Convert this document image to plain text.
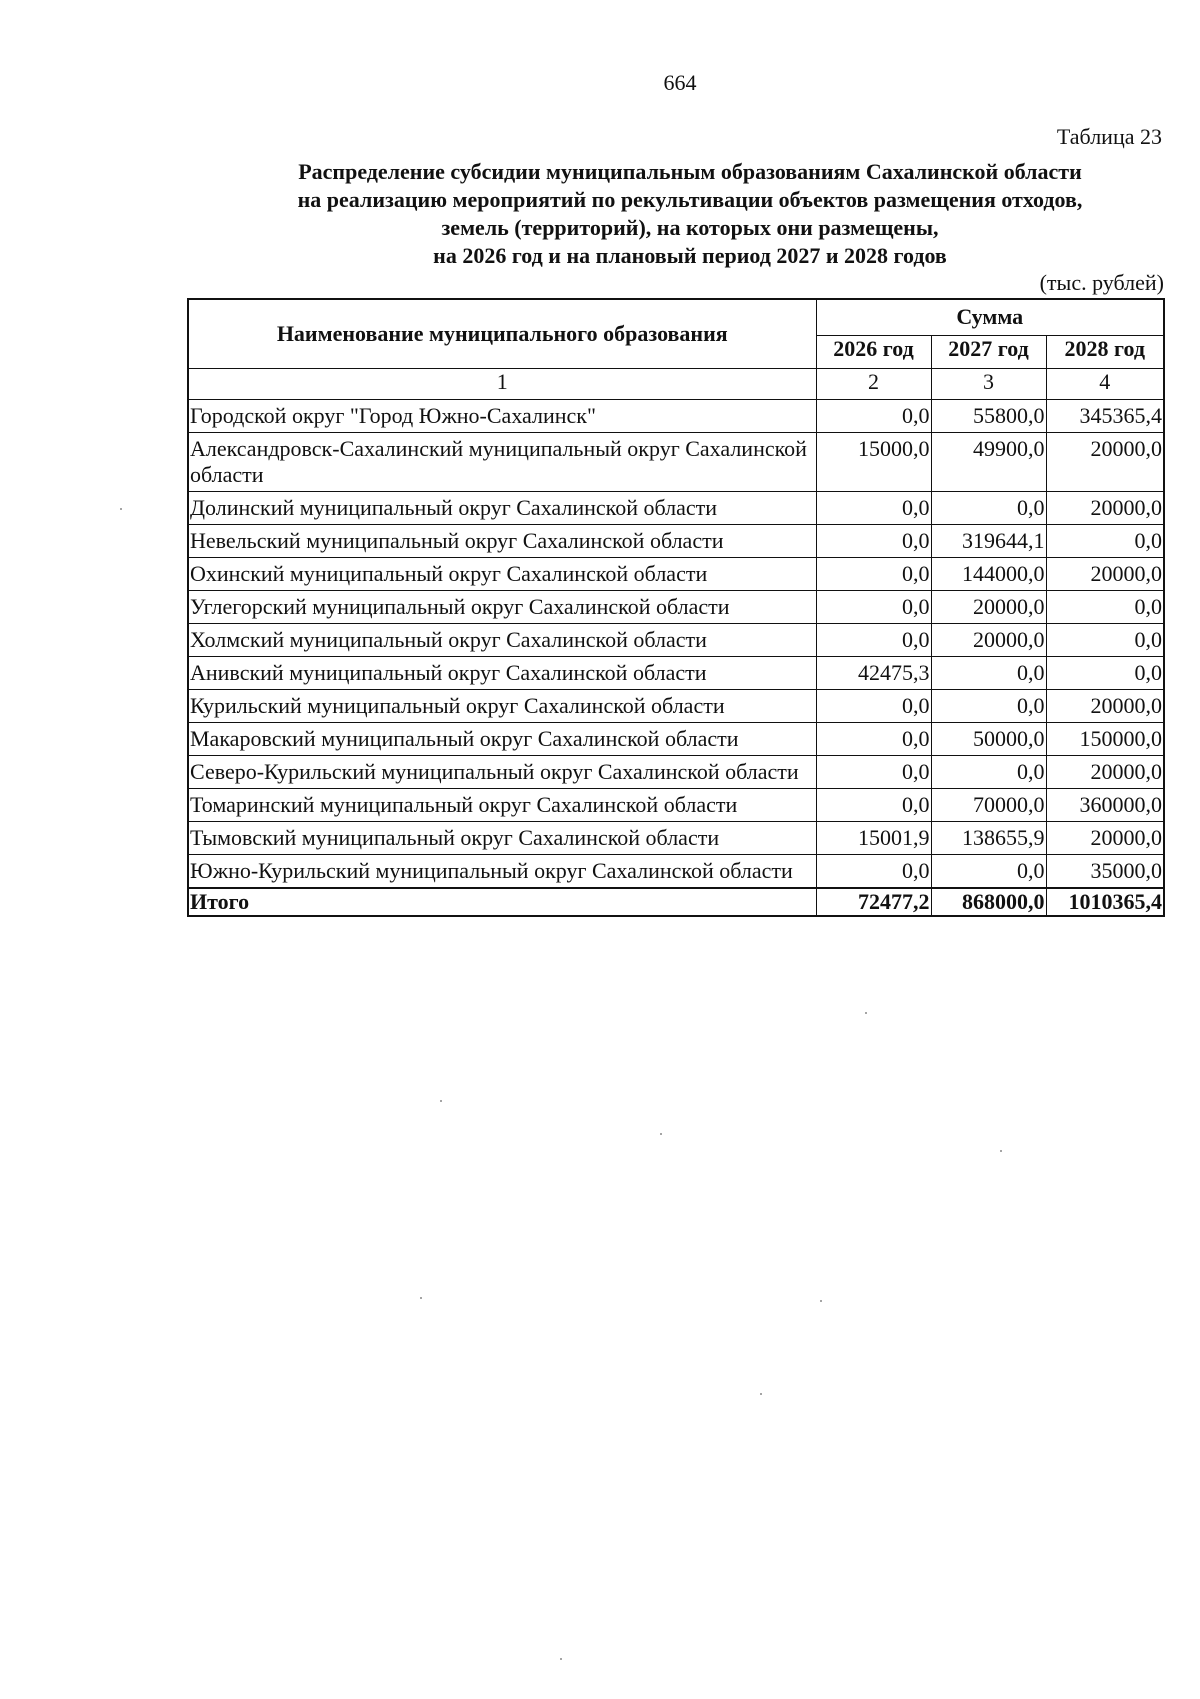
664
Таблица 23
Распределение субсидии муниципальным образованиям Сахалинской области
на реализацию мероприятий по рекультивации объектов размещения отходов,
земель (территорий), на которых они размещены,
на 2026 год и на плановый период 2027 и 2028 годов
(тыс. рублей)
Наименование муниципального образования	Сумма		
	2026 год	2027 год	2028 год
1	2	3	4
Городской округ "Город Южно-Сахалинск"	0,0	55800,0	345365,4
Александровск-Сахалинский муниципальный округ Сахалинской области	15000,0	49900,0	20000,0
Долинский муниципальный округ Сахалинской области	0,0	0,0	20000,0
Невельский муниципальный округ Сахалинской области	0,0	319644,1	0,0
Охинский муниципальный округ Сахалинской области	0,0	144000,0	20000,0
Углегорский муниципальный округ Сахалинской области	0,0	20000,0	0,0
Холмский муниципальный округ Сахалинской области	0,0	20000,0	0,0
Анивский муниципальный округ Сахалинской области	42475,3	0,0	0,0
Курильский муниципальный округ Сахалинской области	0,0	0,0	20000,0
Макаровский муниципальный округ Сахалинской области	0,0	50000,0	150000,0
Северо-Курильский муниципальный округ Сахалинской области	0,0	0,0	20000,0
Томаринский муниципальный округ Сахалинской области	0,0	70000,0	360000,0
Тымовский муниципальный округ Сахалинской области	15001,9	138655,9	20000,0
Южно-Курильский муниципальный округ Сахалинской области	0,0	0,0	35000,0
Итого	72477,2	868000,0	1010365,4
